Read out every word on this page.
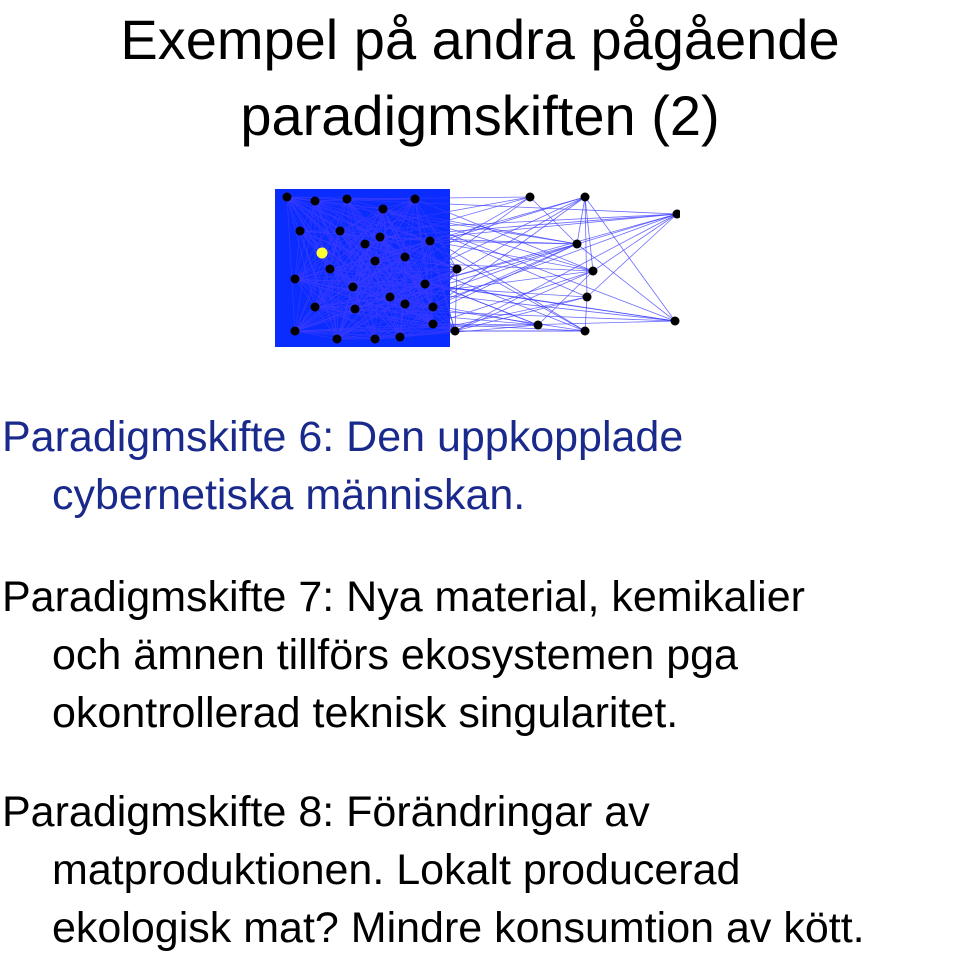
Exempel på andra pågående
paradigmskiften (2)
Paradigmskifte 6: Den uppkopplade
cybernetiska människan.
Paradigmskifte 7: Nya material, kemikalier
och ämnen tillförs ekosystemen pga
okontrollerad teknisk singularitet.
Paradigmskifte 8: Förändringar av
matproduktionen. Lokalt producerad
ekologisk mat? Mindre konsumtion av kött.
